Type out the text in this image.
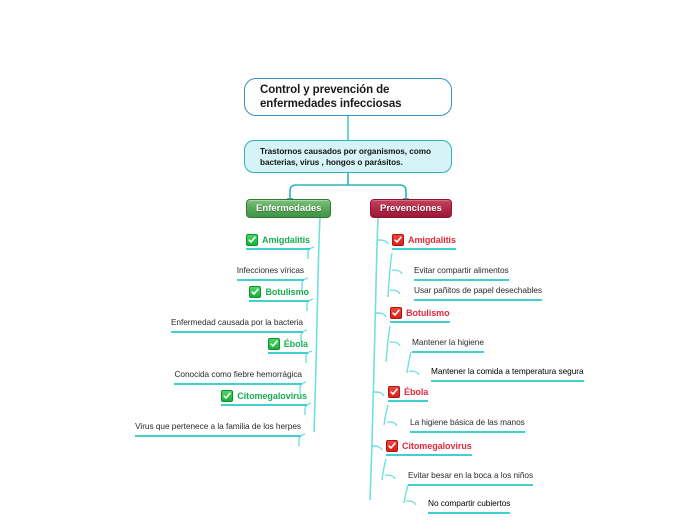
Control y prevención de enfermedades infecciosas
Trastornos causados por organismos, como bacterias, virus , hongos o parásitos.
Enfermedades	Prevenciones
Amigdalitis
Infecciones víricas
Botulismo
Enfermedad causada por la bacteria
Ébola
Conocida como fiebre hemorrágica
Citomegalovirus
Virus que pertenece a la familia de los herpes
Amigdalitis
Evitar compartir alimentos
Usar pañitos de papel desechables
Botulismo
Mantener la higiene
Mantener la comida a temperatura segura
Ébola
La higiene básica de las manos
Citomegalovirus
Evitar besar en la boca a los niños
No compartir cubiertos
